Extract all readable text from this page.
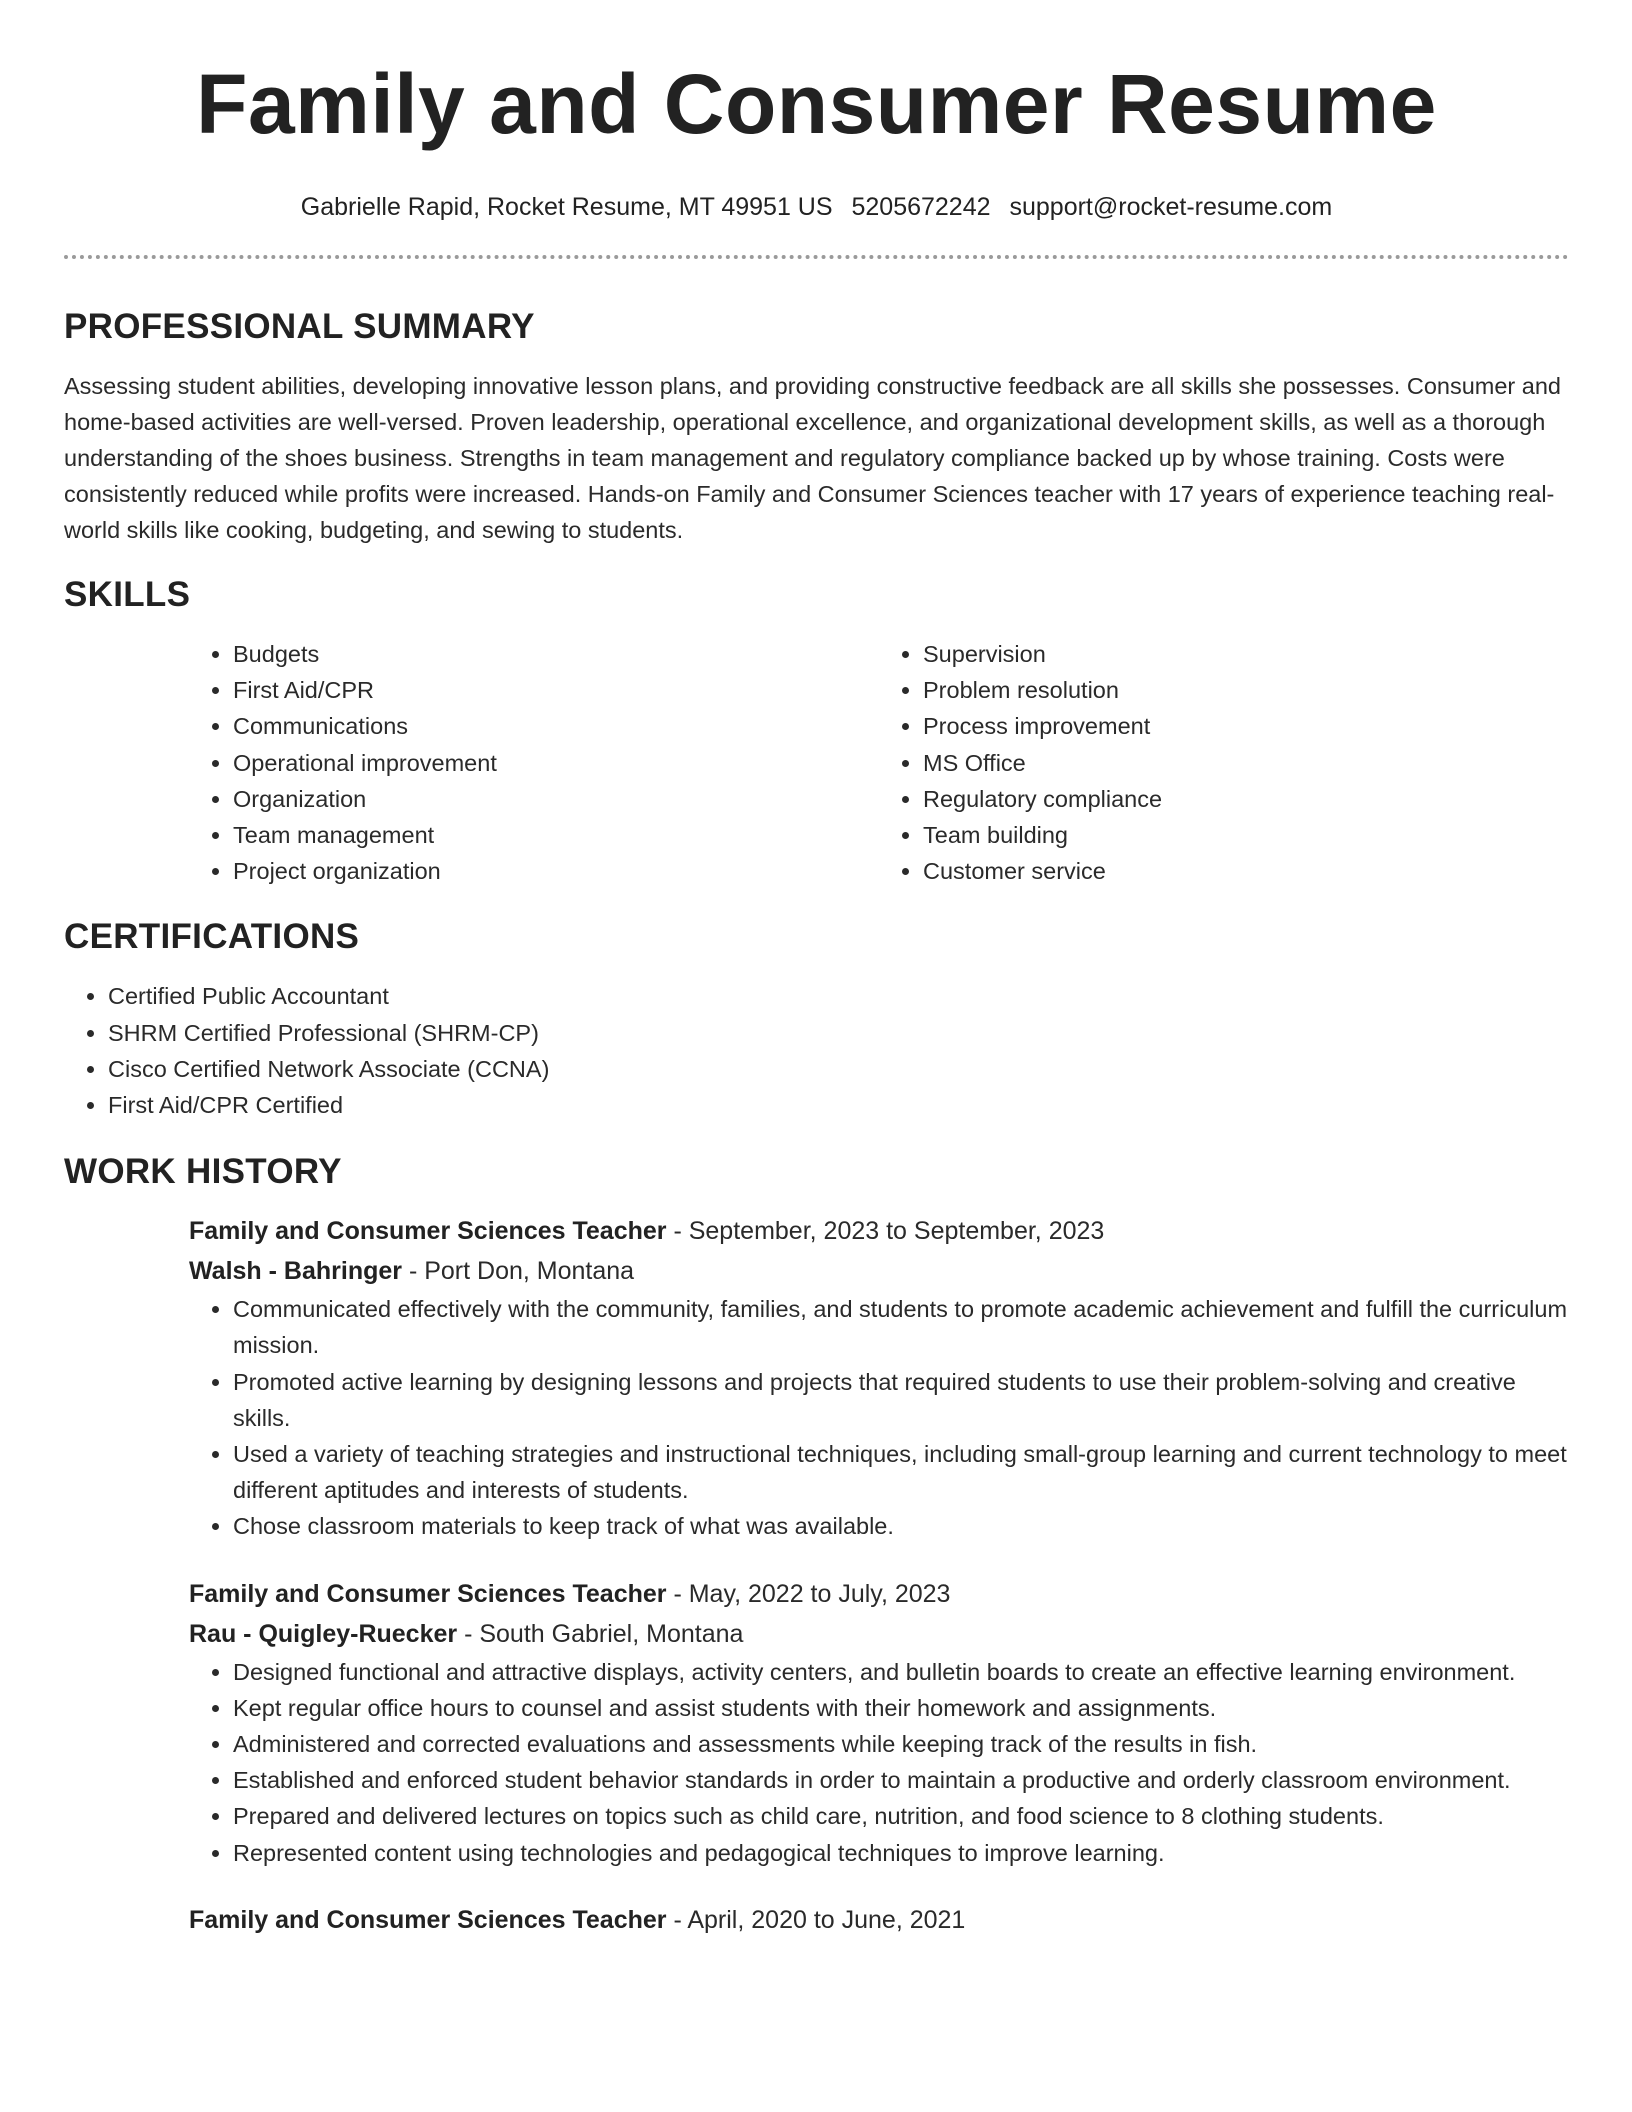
Family and Consumer Resume
Gabrielle Rapid, Rocket Resume, MT 49951 US 5205672242 support@rocket-resume.com
PROFESSIONAL SUMMARY

Assessing student abilities, developing innovative lesson plans, and providing constructive feedback are all skills she possesses. Consumer and home-based activities are well-versed. Proven leadership, operational excellence, and organizational development skills, as well as a thorough understanding of the shoes business. Strengths in team management and regulatory compliance backed up by whose training. Costs were consistently reduced while profits were increased. Hands-on Family and Consumer Sciences teacher with 17 years of experience teaching real-world skills like cooking, budgeting, and sewing to students.

SKILLS
• Budgets
• First Aid/CPR
• Communications
• Operational improvement
• Organization
• Team management
• Project organization
• Supervision
• Problem resolution
• Process improvement
• MS Office
• Regulatory compliance
• Team building
• Customer service
CERTIFICATIONS
• Certified Public Accountant
• SHRM Certified Professional (SHRM-CP)
• Cisco Certified Network Associate (CCNA)
• First Aid/CPR Certified
WORK HISTORY
Family and Consumer Sciences Teacher - September, 2023 to September, 2023
Walsh - Bahringer - Port Don, Montana
• Communicated effectively with the community, families, and students to promote academic achievement and fulfill the curriculum mission.
• Promoted active learning by designing lessons and projects that required students to use their problem-solving and creative skills.
• Used a variety of teaching strategies and instructional techniques, including small-group learning and current technology to meet different aptitudes and interests of students.
• Chose classroom materials to keep track of what was available.
Family and Consumer Sciences Teacher - May, 2022 to July, 2023
Rau - Quigley-Ruecker - South Gabriel, Montana
• Designed functional and attractive displays, activity centers, and bulletin boards to create an effective learning environment.
• Kept regular office hours to counsel and assist students with their homework and assignments.
• Administered and corrected evaluations and assessments while keeping track of the results in fish.
• Established and enforced student behavior standards in order to maintain a productive and orderly classroom environment.
• Prepared and delivered lectures on topics such as child care, nutrition, and food science to 8 clothing students.
• Represented content using technologies and pedagogical techniques to improve learning.
Family and Consumer Sciences Teacher - April, 2020 to June, 2021
